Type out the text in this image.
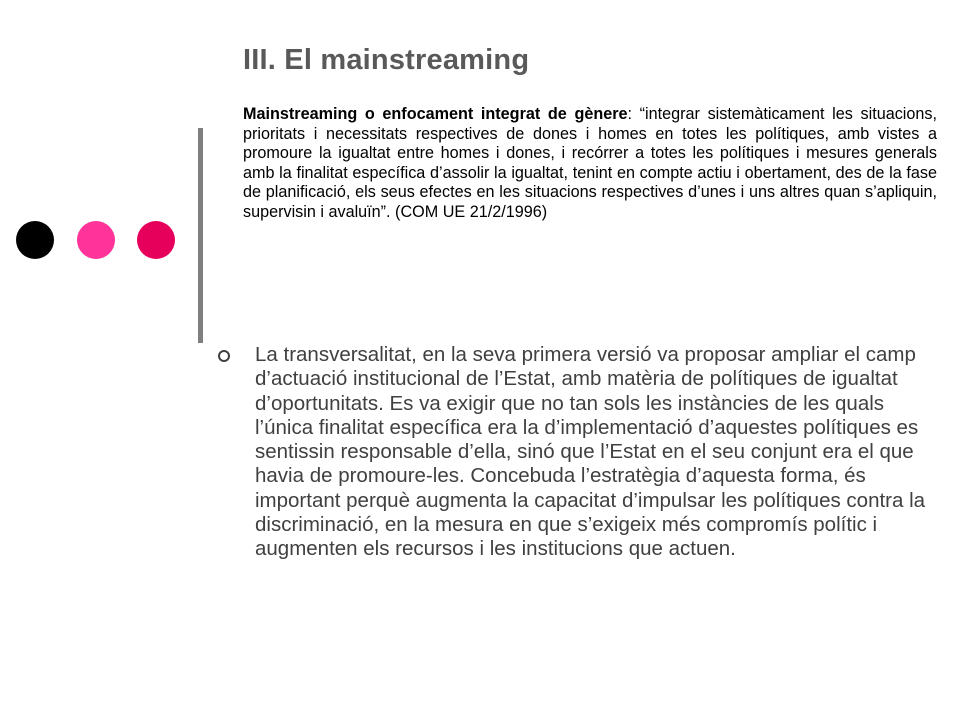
III. El mainstreaming

Mainstreaming o enfocament integrat de gènere: “integrar sistemàticament les situacions, prioritats i necessitats respectives de dones i homes en totes les polítiques, amb vistes a promoure la igualtat entre homes i dones, i recórrer a totes les polítiques i mesures generals amb la finalitat específica d’assolir la igualtat, tenint en compte actiu i obertament, des de la fase de planificació, els seus efectes en les situacions respectives d’unes i uns altres quan s’apliquin, supervisin i avaluïn”. (COM UE 21/2/1996)

La transversalitat, en la seva primera versió va proposar ampliar el camp d’actuació institucional de l’Estat, amb matèria de polítiques de igualtat d’oportunitats. Es va exigir que no tan sols les instàncies de les quals l’única finalitat específica era la d’implementació d’aquestes polítiques es sentissin responsable d’ella, sinó que l’Estat en el seu conjunt era el que havia de promoure-les. Concebuda l’estratègia d’aquesta forma, és important perquè augmenta la capacitat d’impulsar les polítiques contra la discriminació, en la mesura en que s’exigeix més compromís polític i augmenten els recursos i les institucions que actuen.
